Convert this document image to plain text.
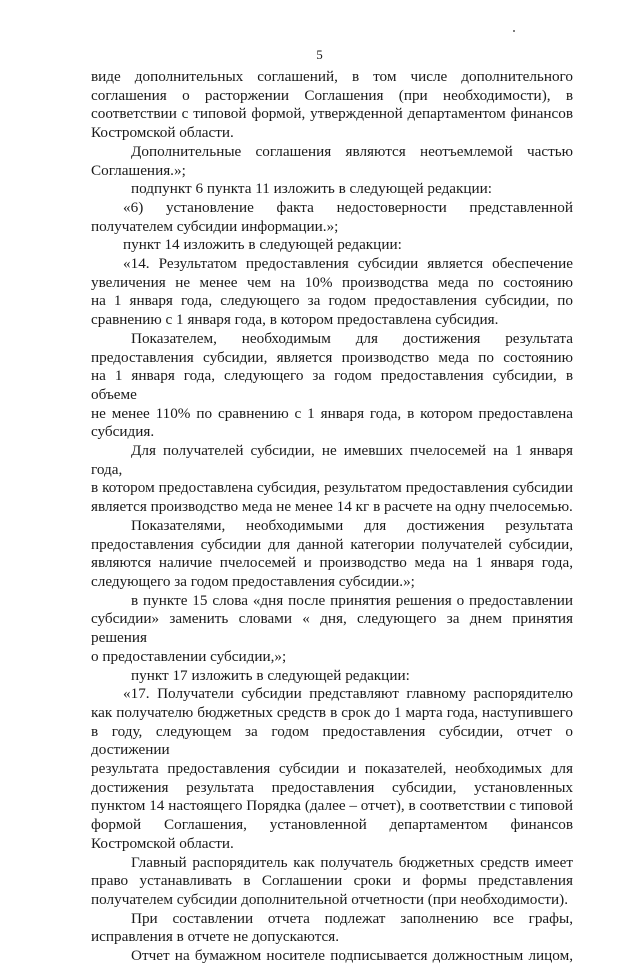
5

виде дополнительных соглашений, в том числе дополнительного

соглашения о расторжении Соглашения (при необходимости), в

соответствии с типовой формой, утвержденной департаментом финансов

Костромской области.

Дополнительные соглашения являются неотъемлемой частью

Соглашения.»;

подпункт 6 пункта 11 изложить в следующей редакции:

«6) установление факта недостоверности представленной

получателем субсидии информации.»;

пункт 14 изложить в следующей редакции:

«14. Результатом предоставления субсидии является обеспечение

увеличения не менее чем на 10% производства меда по состоянию

на 1 января года, следующего за годом предоставления субсидии, по

сравнению с 1 января года, в котором предоставлена субсидия.

Показателем, необходимым для достижения результата

предоставления субсидии, является производство меда по состоянию

на 1 января года, следующего за годом предоставления субсидии, в объеме

не менее 110% по сравнению с 1 января года, в котором предоставлена

субсидия.

Для получателей субсидии, не имевших пчелосемей на 1 января года,

в котором предоставлена субсидия, результатом предоставления субсидии

является производство меда не менее 14 кг в расчете на одну пчелосемью.

Показателями, необходимыми для достижения результата

предоставления субсидии для данной категории получателей субсидии,

являются наличие пчелосемей и производство меда на 1 января года,

следующего за годом предоставления субсидии.»;

в пункте 15 слова «дня после принятия решения о предоставлении

субсидии» заменить словами « дня, следующего за днем принятия решения

о предоставлении субсидии,»;

пункт 17 изложить в следующей редакции:

«17. Получатели субсидии представляют главному распорядителю

как получателю бюджетных средств в срок до 1 марта года, наступившего

в году, следующем за годом предоставления субсидии, отчет о достижении

результата предоставления субсидии и показателей, необходимых для

достижения результата предоставления субсидии, установленных

пунктом 14 настоящего Порядка (далее – отчет), в соответствии с типовой

формой Соглашения, установленной департаментом финансов

Костромской области.

Главный распорядитель как получатель бюджетных средств имеет

право устанавливать в Соглашении сроки и формы представления

получателем субсидии дополнительной отчетности (при необходимости).

При составлении отчета подлежат заполнению все графы,

исправления в отчете не допускаются.

Отчет на бумажном носителе подписывается должностным лицом,
